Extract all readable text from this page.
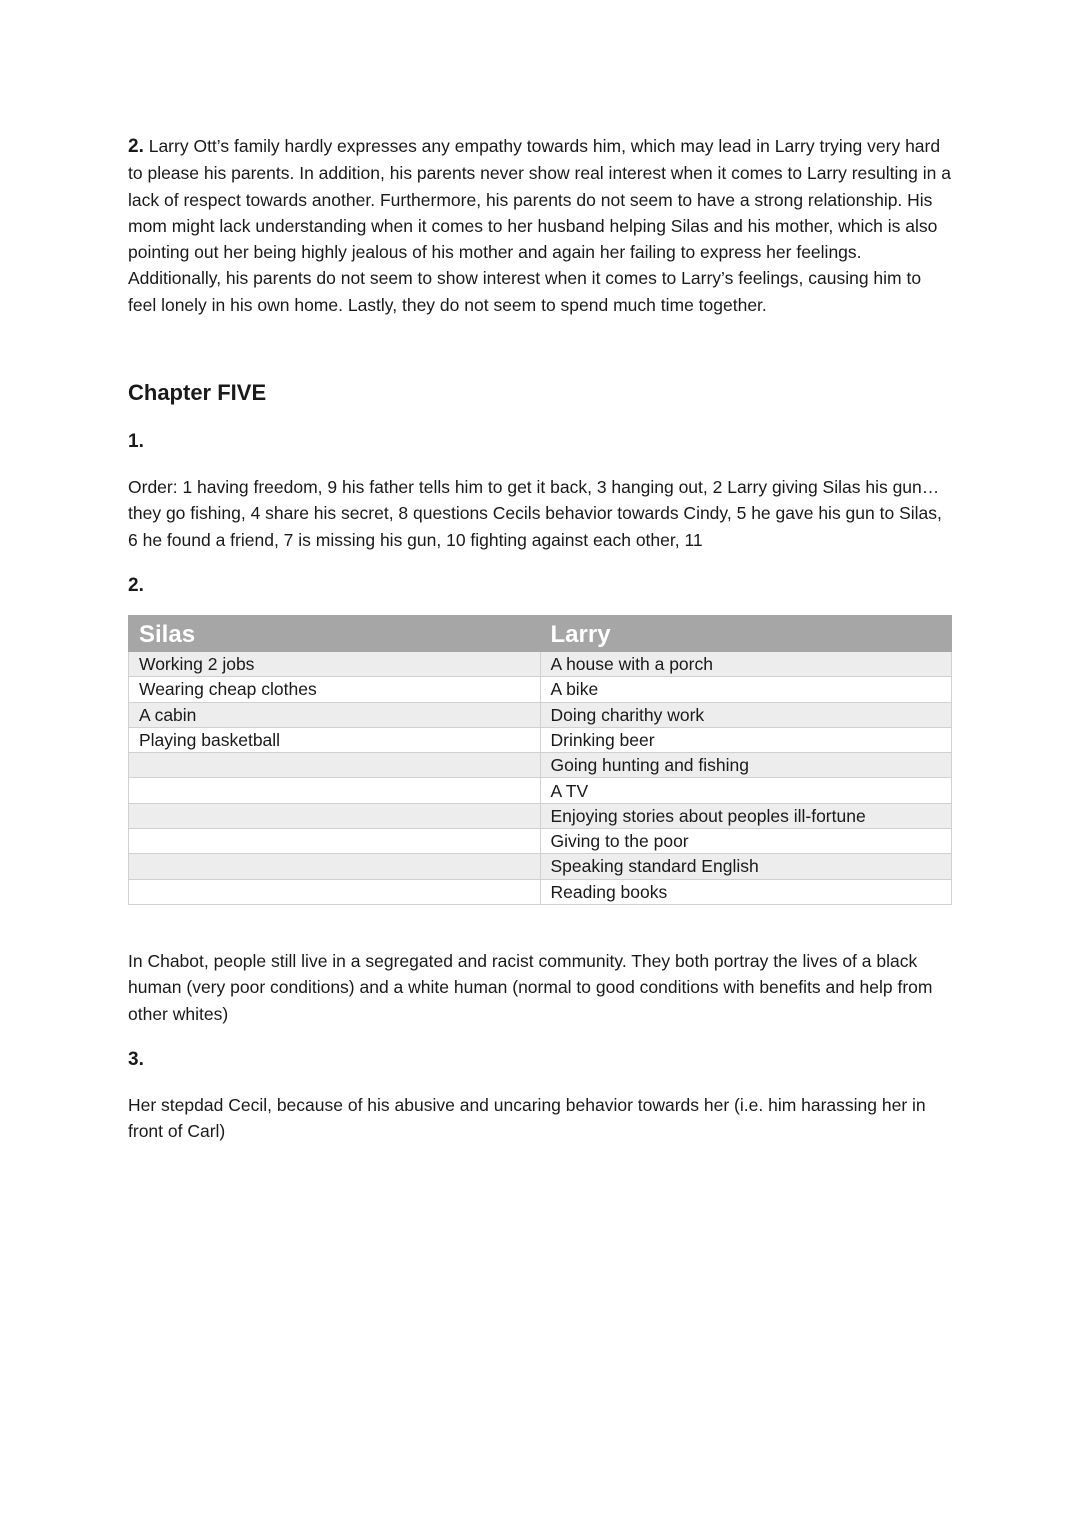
2. Larry Ott’s family hardly expresses any empathy towards him, which may lead in Larry trying very hard to please his parents. In addition, his parents never show real interest when it comes to Larry resulting in a lack of respect towards another. Furthermore, his parents do not seem to have a strong relationship. His mom might lack understanding when it comes to her husband helping Silas and his mother, which is also pointing out her being highly jealous of his mother and again her failing to express her feelings. Additionally, his parents do not seem to show interest when it comes to Larry’s feelings, causing him to feel lonely in his own home. Lastly, they do not seem to spend much time together.

Chapter FIVE
1.

Order: 1 having freedom, 9 his father tells him to get it back, 3 hanging out, 2 Larry giving Silas his gun… they go fishing, 4 share his secret, 8 questions Cecils behavior towards Cindy, 5 he gave his gun to Silas, 6 he found a friend, 7 is missing his gun, 10 fighting against each other, 11

2.
Silas	Larry
Working 2 jobs	A house with a porch
Wearing cheap clothes	A bike
A cabin	Doing charithy work
Playing basketball	Drinking beer
	Going hunting and fishing
	A TV
	Enjoying stories about peoples ill-fortune
	Giving to the poor
	Speaking standard English
	Reading books

In Chabot, people still live in a segregated and racist community. They both portray the lives of a black human (very poor conditions) and a white human (normal to good conditions with benefits and help from other whites)

3.

Her stepdad Cecil, because of his abusive and uncaring behavior towards her (i.e. him harassing her in front of Carl)
